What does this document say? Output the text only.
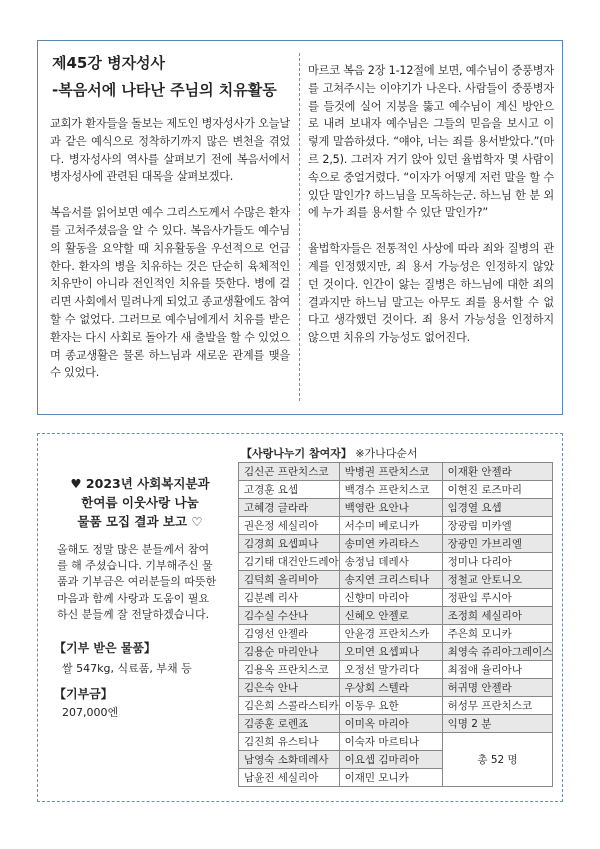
제45강 병자성사
-복음서에 나타난 주님의 치유활동

교회가 환자들을 돌보는 제도인 병자성사가 오늘날과 같은 예식으로 정착하기까지 많은 변천을 겪었다. 병자성사의 역사를 살펴보기 전에 복음서에서 병자성사에 관련된 대목을 살펴보겠다.

복음서를 읽어보면 예수 그리스도께서 수많은 환자를 고쳐주셨음을 알 수 있다. 복음사가들도 예수님의 활동을 요약할 때 치유활동을 우선적으로 언급한다. 환자의 병을 치유하는 것은 단순히 육체적인 치유만이 아니라 전인적인 치유를 뜻한다. 병에 걸리면 사회에서 밀려나게 되었고 종교생활에도 참여할 수 없었다. 그러므로 예수님에게서 치유를 받은 환자는 다시 사회로 돌아가 새 출발을 할 수 있었으며 종교생활은 물론 하느님과 새로운 관계를 맺을 수 있었다.

마르코 복음 2장 1-12절에 보면, 예수님이 중풍병자를 고쳐주시는 이야기가 나온다. 사람들이 중풍병자를 들것에 실어 지붕을 뚫고 예수님이 계신 방안으로 내려 보내자 예수님은 그들의 믿음을 보시고 이렇게 말씀하셨다. “얘야, 너는 죄를 용서받았다.”(마르 2,5). 그러자 거기 앉아 있던 율법학자 몇 사람이 속으로 중얼거렸다. “이자가 어떻게 저런 말을 할 수 있단 말인가? 하느님을 모독하는군. 하느님 한 분 외에 누가 죄를 용서할 수 있단 말인가?”

율법학자들은 전통적인 사상에 따라 죄와 질병의 관계를 인정했지만, 죄 용서 가능성은 인정하지 않았던 것이다. 인간이 앓는 질병은 하느님에 대한 죄의 결과지만 하느님 말고는 아무도 죄를 용서할 수 없다고 생각했던 것이다. 죄 용서 가능성을 인정하지 않으면 치유의 가능성도 없어진다.

♥ 2023년 사회복지분과
한여름 이웃사랑 나눔
물품 모집 결과 보고 ♡
올해도 정말 많은 분들께서 참여를 해 주셨습니다. 기부해주신 물품과 기부금은 여러분들의 따뜻한 마음과 함께 사랑과 도움이 필요하신 분들께 잘 전달하겠습니다.
【기부 받은 물품】
쌀 547kg, 식료품, 부채 등
【기부금】
207,000엔
【사랑나누기 참여자】 ※가나다순서
김신곤 프란치스코	박병권 프란치스코	이재환 안젤라
고경훈 요셉	백경수 프란치스코	이현진 로즈마리
고혜경 글라라	백영란 요안나	임경열 요셉
권은정 세실리아	서수미 베로니카	장광림 미카엘
김경희 요셉피나	송미연 카리타스	장광민 가브리엘
김기태 대건안드레아	송정님 데레사	정미나 다리아
김덕희 올리비아	송지연 크리스티나	정철교 안토니오
김분례 리사	신향미 마리아	정판임 루시아
김수실 수산나	신혜오 안젤로	조정희 세실리아
김영선 안젤라	안윤경 프란치스카	주은희 모니카
김용순 마리안나	오미연 요셉피나	최영숙 쥬리아그레이스
김용옥 프란치스코	오정선 말가리다	최점애 율리아나
김은숙 안나	우상회 스텔라	허귀명 안젤라
김은희 스콜라스티카	이동우 요한	허성무 프란치스코
김종훈 로렌죠	이미옥 마리아	익명 2 분
김진희 유스티나	이숙자 마르티나	총 52 명
남영숙 소화데레사	이요셉 김마리아	
남윤진 세실리아	이재민 모니카	
